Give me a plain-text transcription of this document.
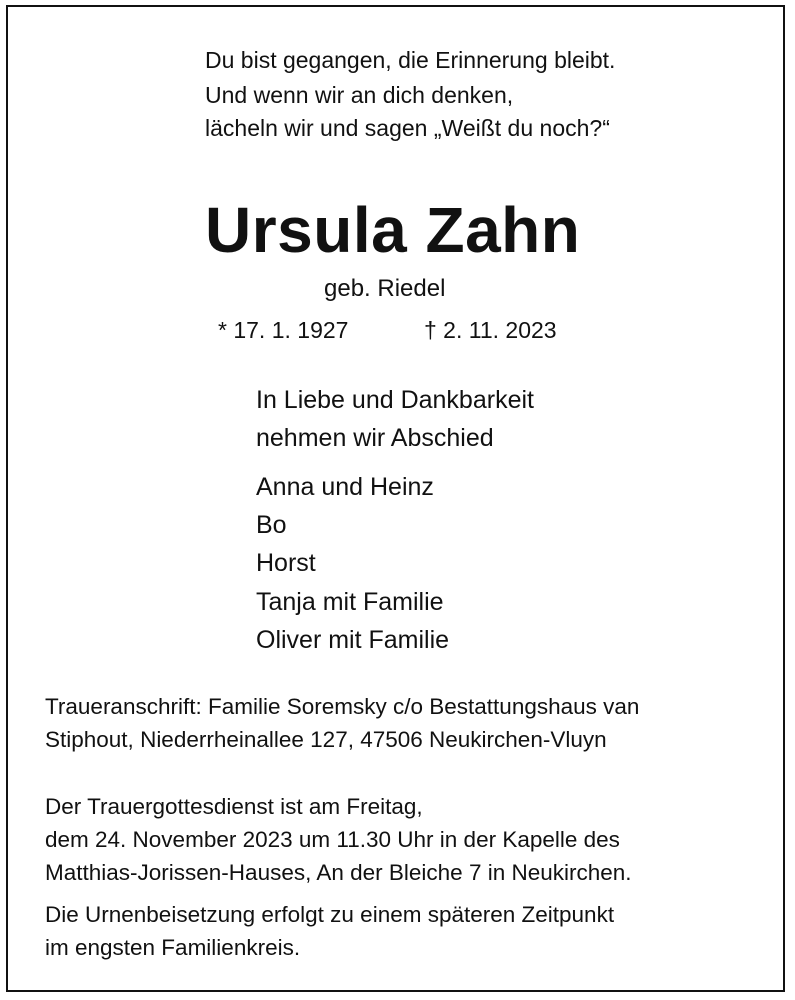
Du bist gegangen, die Erinnerung bleibt.

Und wenn wir an dich denken,

lächeln wir und sagen „Weißt du noch?“

Ursula Zahn

geb. Riedel

* 17. 1. 1927	† 2. 11. 2023

In Liebe und Dankbarkeit

nehmen wir Abschied

Anna und Heinz

Bo

Horst

Tanja mit Familie

Oliver mit Familie

Traueranschrift: Familie Soremsky c/o Bestattungshaus van

Stiphout, Niederrheinallee 127, 47506 Neukirchen-Vluyn

Der Trauergottesdienst ist am Freitag,

dem 24. November 2023 um 11.30 Uhr in der Kapelle des

Matthias-Jorissen-Hauses, An der Bleiche 7 in Neukirchen.

Die Urnenbeisetzung erfolgt zu einem späteren Zeitpunkt

im engsten Familienkreis.
